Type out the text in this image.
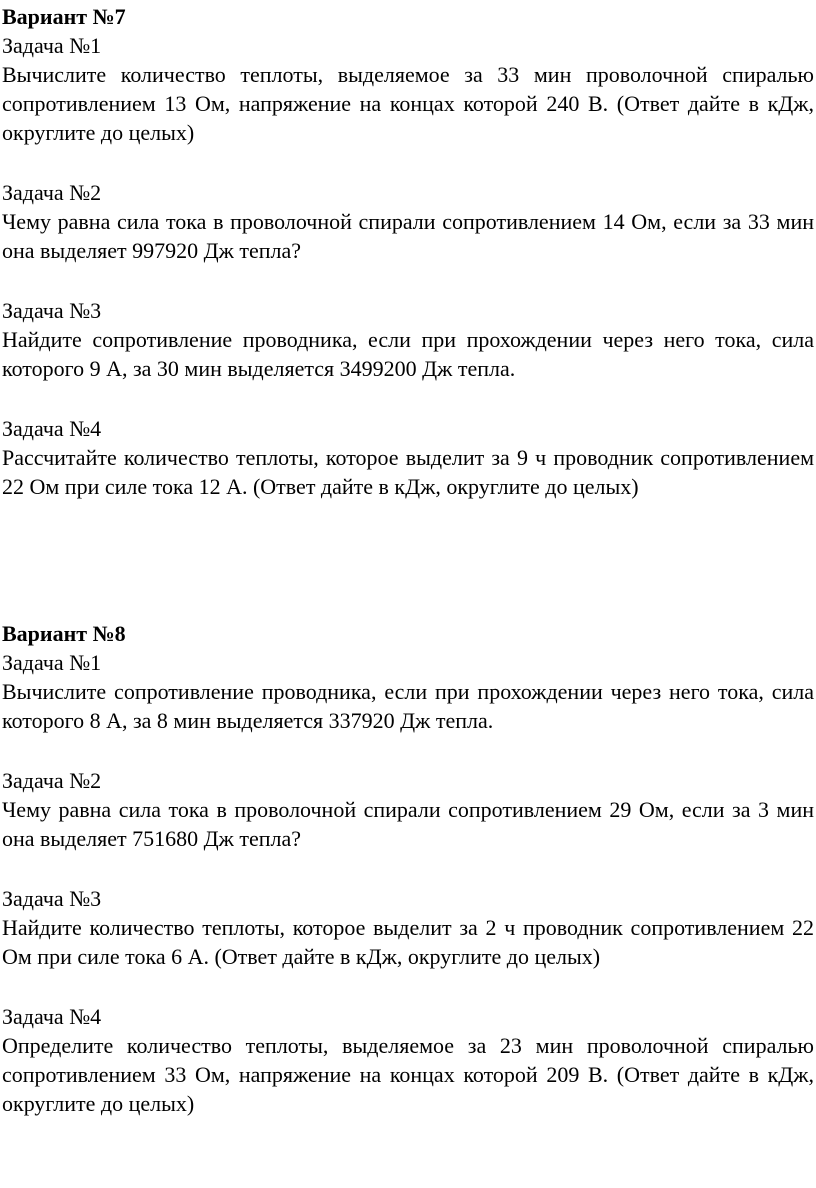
Вариант №7

Задача №1

Вычислите количество теплоты, выделяемое за 33 мин проволочной спиралью сопротивлением 13 Ом, напряжение на концах которой 240 В. (Ответ дайте в кДж, округлите до целых)

Задача №2

Чему равна сила тока в проволочной спирали сопротивлением 14 Ом, если за 33 мин она выделяет 997920 Дж тепла?

Задача №3

Найдите сопротивление проводника, если при прохождении через него тока, сила которого 9 А, за 30 мин выделяется 3499200 Дж тепла.

Задача №4

Рассчитайте количество теплоты, которое выделит за 9 ч проводник сопротивлением 22 Ом при силе тока 12 А. (Ответ дайте в кДж, округлите до целых)

Вариант №8

Задача №1

Вычислите сопротивление проводника, если при прохождении через него тока, сила которого 8 А, за 8 мин выделяется 337920 Дж тепла.

Задача №2

Чему равна сила тока в проволочной спирали сопротивлением 29 Ом, если за 3 мин она выделяет 751680 Дж тепла?

Задача №3

Найдите количество теплоты, которое выделит за 2 ч проводник сопротивлением 22 Ом при силе тока 6 А. (Ответ дайте в кДж, округлите до целых)

Задача №4

Определите количество теплоты, выделяемое за 23 мин проволочной спиралью сопротивлением 33 Ом, напряжение на концах которой 209 В. (Ответ дайте в кДж, округлите до целых)
